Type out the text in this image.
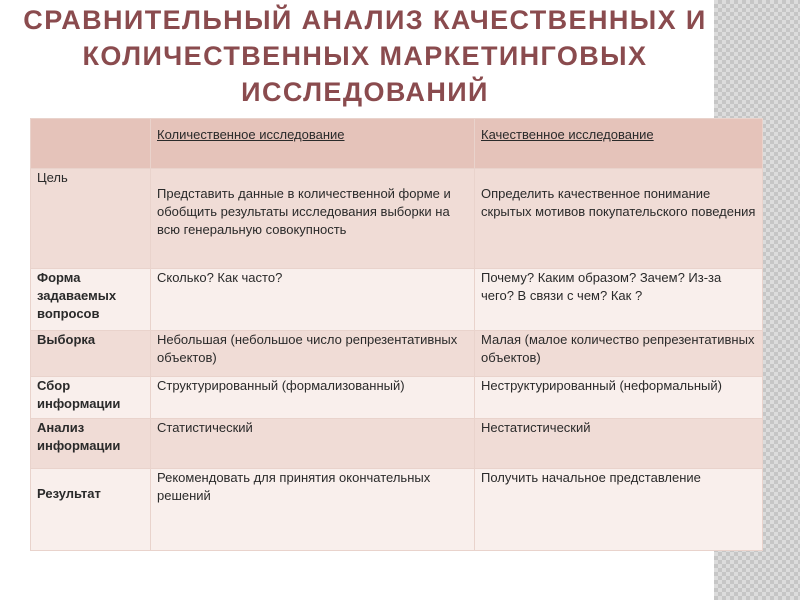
СРАВНИТЕЛЬНЫЙ АНАЛИЗ КАЧЕСТВЕННЫХ И
КОЛИЧЕСТВЕННЫХ МАРКЕТИНГОВЫХ
ИССЛЕДОВАНИЙ
	Количественное исследование	Качественное исследование
Цель	Представить данные в количественной форме и обобщить результаты исследования выборки на всю генеральную совокупность	Определить качественное понимание скрытых мотивов покупательского поведения
Форма задаваемых вопросов	Сколько? Как часто?	Почему? Каким образом? Зачем? Из-за чего? В связи с чем? Как ?
Выборка	Небольшая (небольшое число репрезентативных объектов)	Малая (малое количество репрезентативных объектов)
Сбор информации	Структурированный (формализованный)	Неструктурированный (неформальный)
Анализ информации	Статистический	Нестатистический
Результат	Рекомендовать для принятия окончательных решений	Получить начальное представление
